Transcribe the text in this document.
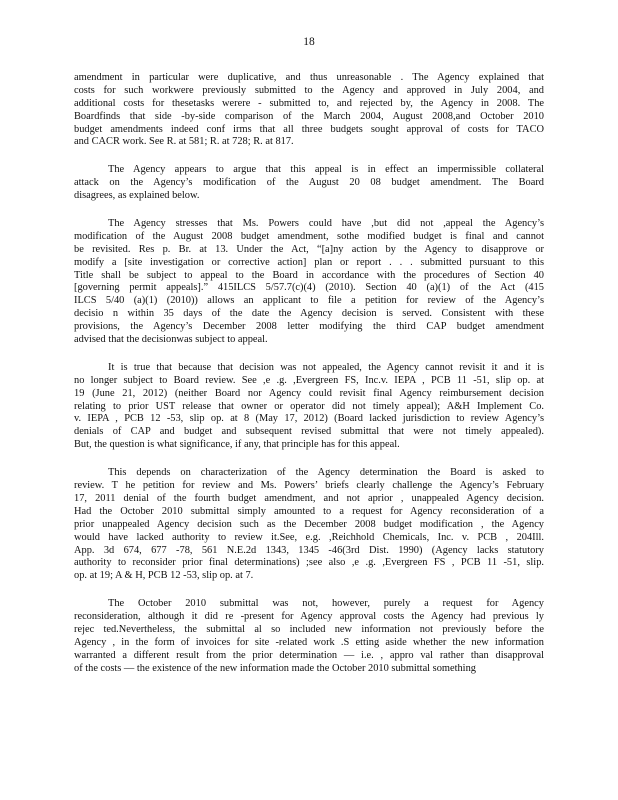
18
amendment in particular were duplicative, and thus unreasonable . The Agency explained that
costs for such workwere previously submitted to the Agency and approved in July 2004, and
additional costs for thesetasks werere - submitted to, and rejected by, the Agency in 2008. The
Boardfinds that side -by-side comparison of the March 2004, August 2008,and October 2010
budget amendments indeed conf irms that all three budgets sought approval of costs for TACO
and CACR work. See R. at 581; R. at 728; R. at 817.
The Agency appears to argue that this appeal is in effect an impermissible collateral
attack on the Agency’s modification of the August 20 08 budget amendment. The Board
disagrees, as explained below.
The Agency stresses that Ms. Powers could have ,but did not ,appeal the Agency’s
modification of the August 2008 budget amendment, sothe modified budget is final and cannot
be revisited. Res p. Br. at 13. Under the Act, “[a]ny action by the Agency to disapprove or
modify a [site investigation or corrective action] plan or report . . . submitted pursuant to this
Title shall be subject to appeal to the Board in accordance with the procedures of Section 40
[governing permit appeals].” 415ILCS 5/57.7(c)(4) (2010). Section 40 (a)(1) of the Act (415
ILCS 5/40 (a)(1) (2010)) allows an applicant to file a petition for review of the Agency’s
decisio n within 35 days of the date the Agency decision is served. Consistent with these
provisions, the Agency’s December 2008 letter modifying the third CAP budget amendment
advised that the decisionwas subject to appeal.
It is true that because that decision was not appealed, the Agency cannot revisit it and it is
no longer subject to Board review. See ,e .g. ,Evergreen FS, Inc.v. IEPA , PCB 11 -51, slip op. at
19 (June 21, 2012) (neither Board nor Agency could revisit final Agency reimbursement decision
relating to prior UST release that owner or operator did not timely appeal); A&H Implement Co.
v. IEPA , PCB 12 -53, slip op. at 8 (May 17, 2012) (Board lacked jurisdiction to review Agency’s
denials of CAP and budget and subsequent revised submittal that were not timely appealed).
But, the question is what significance, if any, that principle has for this appeal.
This depends on characterization of the Agency determination the Board is asked to
review. T he petition for review and Ms. Powers’ briefs clearly challenge the Agency’s February
17, 2011 denial of the fourth budget amendment, and not aprior , unappealed Agency decision.
Had the October 2010 submittal simply amounted to a request for Agency reconsideration of a
prior unappealed Agency decision such as the December 2008 budget modification , the Agency
would have lacked authority to review it.See, e.g. ,Reichhold Chemicals, Inc. v. PCB , 204Ill.
App. 3d 674, 677 -78, 561 N.E.2d 1343, 1345 -46(3rd Dist. 1990) (Agency lacks statutory
authority to reconsider prior final determinations) ;see also ,e .g. ,Evergreen FS , PCB 11 -51, slip.
op. at 19; A & H, PCB 12 -53, slip op. at 7.
The October 2010 submittal was not, however, purely a request for Agency
reconsideration, although it did re -present for Agency approval costs the Agency had previous ly
rejec ted.Nevertheless, the submittal al so included new information not previously before the
Agency , in the form of invoices for site -related work .S etting aside whether the new information
warranted a different result from the prior determination — i.e. , appro val rather than disapproval
of the costs — the existence of the new information made the October 2010 submittal something
